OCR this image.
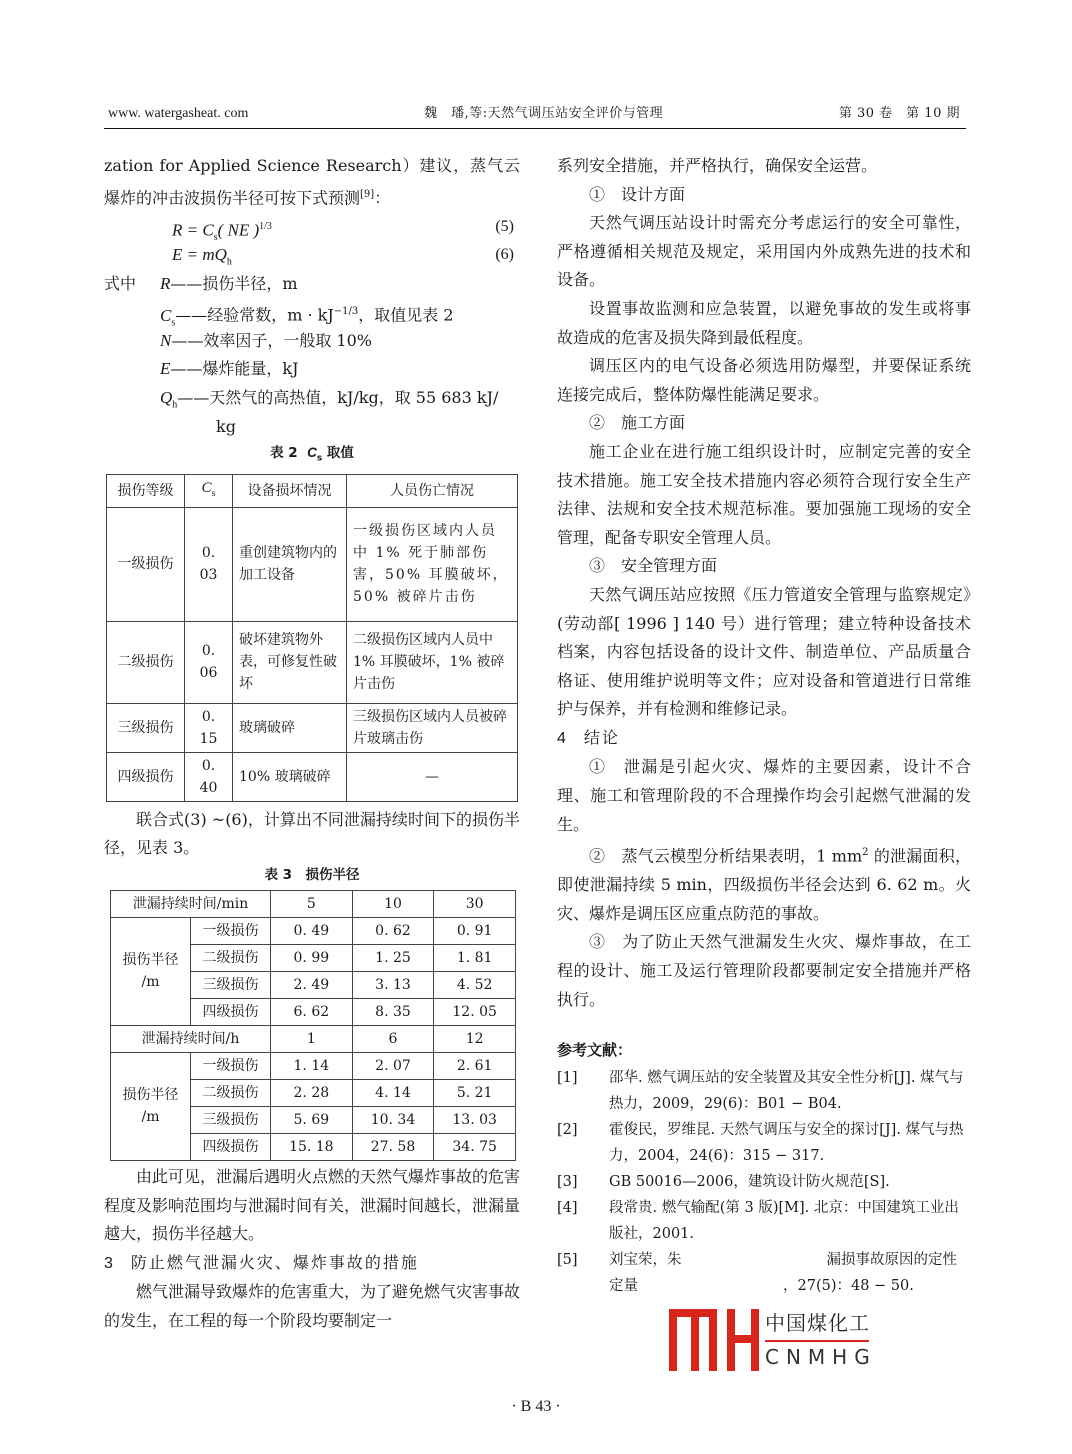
www. watergasheat. com	魏　璠,等:天然气调压站安全评价与管理	第 30 卷　第 10 期

zation for Applied Science Research）建议，蒸气云爆炸的冲击波损伤半径可按下式预测[9]：

$R = C_s$( NE )$^{1/3}$	(5)
$E = mQ_h$	(6)
式中 R——损伤半径，m
$C_s——$经验常数，$m \cdot kJ^{-1/3}$，取值见表 2
N——效率因子，一般取 10%
E——爆炸能量，kJ
$Q_h——$天然气的高热值，kJ/kg，取 55 683 kJ/
kg
表 2 $C_s$ 取值
损伤等级	$C_s$	设备损坏情况	人员伤亡情况
一级损伤	0. 03	重创建筑物内的加工设备	一级损伤区域内人员中 1% 死于肺部伤害，50% 耳膜破坏，50% 被碎片击伤
二级损伤	0. 06	破坏建筑物外表，可修复性破坏	二级损伤区域内人员中 1% 耳膜破坏，1% 被碎片击伤
三级损伤	0. 15	玻璃破碎	三级损伤区域内人员被碎片玻璃击伤
四级损伤	0. 40	10% 玻璃破碎	—

联合式(3) ~(6)，计算出不同泄漏持续时间下的损伤半径，见表 3。

表 3　损伤半径
泄漏持续时间/min		5	10	30
损伤半径
/m	一级损伤	0. 49	0. 62	0. 91
	二级损伤	0. 99	1. 25	1. 81
	三级损伤	2. 49	3. 13	4. 52
	四级损伤	6. 62	8. 35	12. 05
泄漏持续时间/h		1	6	12
损伤半径
/m	一级损伤	1. 14	2. 07	2. 61
	二级损伤	2. 28	4. 14	5. 21
	三级损伤	5. 69	10. 34	13. 03
	四级损伤	15. 18	27. 58	34. 75

由此可见，泄漏后遇明火点燃的天然气爆炸事故的危害程度及影响范围均与泄漏时间有关，泄漏时间越长，泄漏量越大，损伤半径越大。

3 防止燃气泄漏火灾、爆炸事故的措施

燃气泄漏导致爆炸的危害重大，为了避免燃气灾害事故的发生，在工程的每一个阶段均要制定一

系列安全措施，并严格执行，确保安全运营。

①　设计方面

天然气调压站设计时需充分考虑运行的安全可靠性，严格遵循相关规范及规定，采用国内外成熟先进的技术和设备。

设置事故监测和应急装置，以避免事故的发生或将事故造成的危害及损失降到最低程度。

调压区内的电气设备必须选用防爆型，并要保证系统连接完成后，整体防爆性能满足要求。

②　施工方面

施工企业在进行施工组织设计时，应制定完善的安全技术措施。施工安全技术措施内容必须符合现行安全生产法律、法规和安全技术规范标准。要加强施工现场的安全管理，配备专职安全管理人员。

③　安全管理方面

天然气调压站应按照《压力管道安全管理与监察规定》(劳动部[ 1996 ] 140 号）进行管理；建立特种设备技术档案，内容包括设备的设计文件、制造单位、产品质量合格证、使用维护说明等文件；应对设备和管道进行日常维护与保养，并有检测和维修记录。

4 结论

①　泄漏是引起火灾、爆炸的主要因素，设计不合理、施工和管理阶段的不合理操作均会引起燃气泄漏的发生。

②　蒸气云模型分析结果表明，1 $mm^2$ 的泄漏面积，即使泄漏持续 5 min，四级损伤半径会达到 6. 62 m。火灾、爆炸是调压区应重点防范的事故。

③　为了防止天然气泄漏发生火灾、爆炸事故，在工程的设计、施工及运行管理阶段都要制定安全措施并严格执行。

参考文献：
[1] 邵华. 燃气调压站的安全装置及其安全性分析[J]. 煤气与热力，2009，29(6)：B01 − B04.
[2] 霍俊民，罗维昆. 天然气调压与安全的探讨[J]. 煤气与热力，2004，24(6)：315 − 317.
[3] GB 50016—2006，建筑设计防火规范[S].
[4] 段常贵. 燃气输配(第 3 版)[M]. 北京：中国建筑工业出版社，2001.
[5] 刘宝荣，朱　　　　　　　　　　漏损事故原因的定性定量　　　　　　　　　　，27(5)：48 − 50.
中国煤化工
CNMHG
· B 43 ·
